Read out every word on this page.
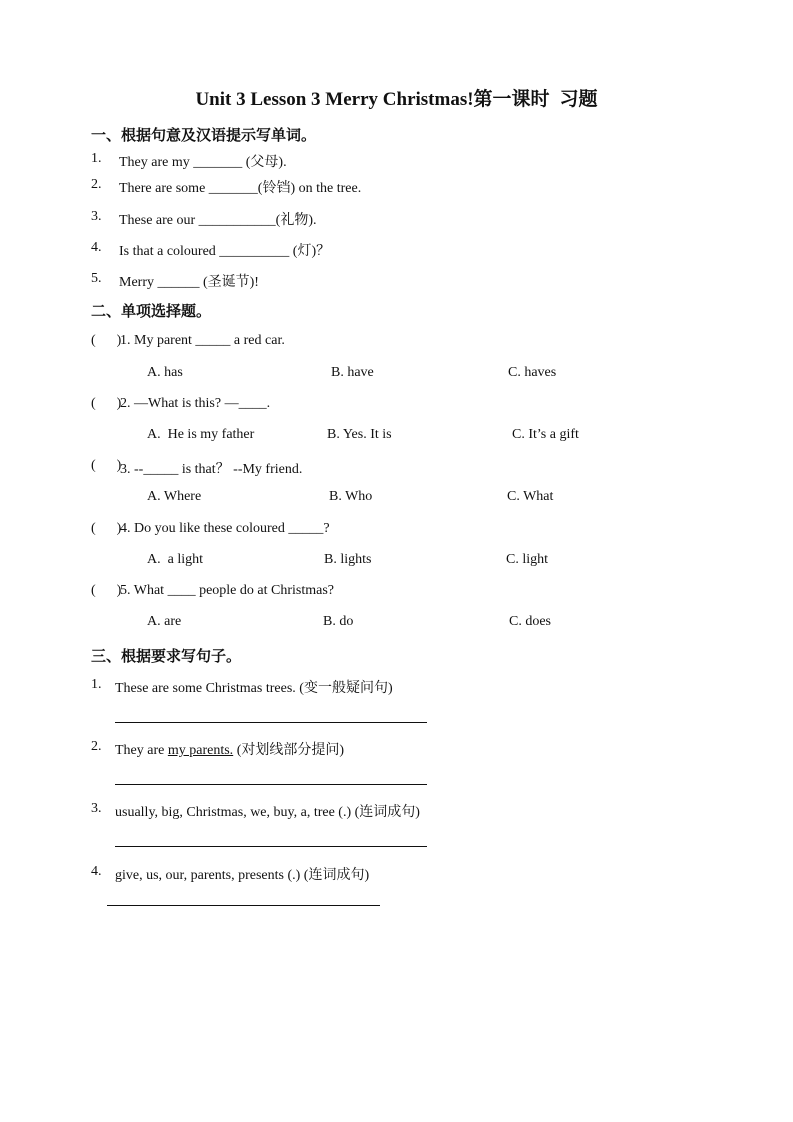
Unit 3 Lesson 3 Merry Christmas!第一课时 习题
一、根据句意及汉语提示写单词。
1. They are my _______ (父母).
2. There are some _______(铃铛) on the tree.
3. These are our ___________(礼物).
4. Is that a coloured __________ (灯)？
5. Merry ______ (圣诞节)!
二、单项选择题。
(      )
1. My parent _____ a red car.
A. has	B. have	C. haves
(      )
2. —What is this? —____.
A.  He is my father	B. Yes. It is	C. It’s a gift
(      )
3. --_____ is that？ --My friend.
A. Where	B. Who	C. What
(      )
4. Do you like these coloured _____?
A.  a light	B. lights	C. light
(      )
5. What ____ people do at Christmas?
A. are	B. do	C. does
三、根据要求写句子。
1. These are some Christmas trees. (变一般疑问句)
2. They are my parents. (对划线部分提问)
3. usually, big, Christmas, we, buy, a, tree (.) (连词成句)
4. give, us, our, parents, presents (.) (连词成句)
